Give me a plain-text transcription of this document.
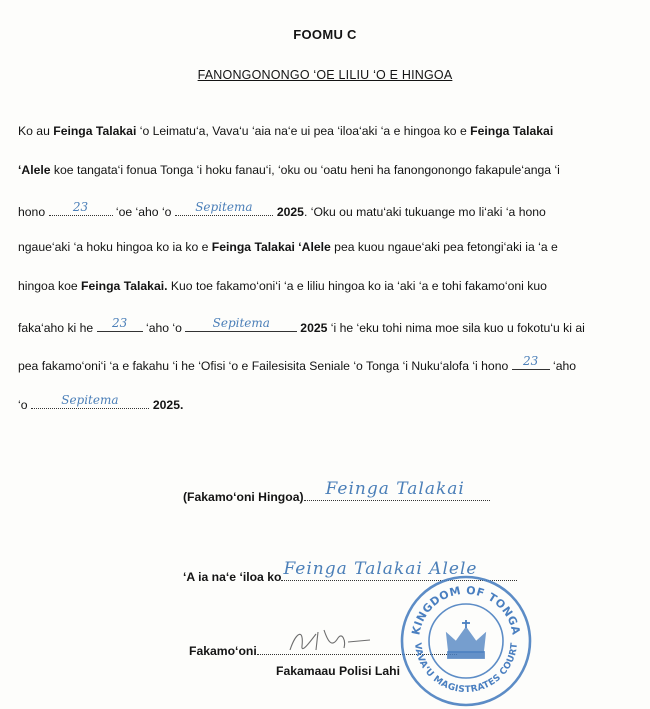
FOOMU C
FANONGONONGO ‘OE LILIU ‘O E HINGOA
Ko au Feinga Talakai ‘o Leimatu‘a, Vava‘u ‘aia na‘e ui pea ‘iloa‘aki ‘a e hingoa ko e Feinga Talakai
‘Alele koe tangata‘i fonua Tonga ‘i hoku fanau‘i, ‘oku ou ‘oatu heni ha fanongonongo fakapule‘anga ‘i
hono	23	‘oe ‘aho ‘o	Sepitema	2025. ‘Oku ou matu‘aki tukuange mo li‘aki ‘a hono
ngaue‘aki ‘a hoku hingoa ko ia ko e Feinga Talakai ‘Alele pea kuou ngaue‘aki pea fetongi‘aki ia ‘a e
hingoa koe Feinga Talakai. Kuo toe fakamo‘oni‘i ‘a e liliu hingoa ko ia ‘aki ‘a e tohi fakamo‘oni kuo
faka‘aho ki he	23	‘aho ‘o	Sepitema	2025 ‘i he ‘eku tohi nima moe sila kuo u fokotu‘u ki ai
pea fakamo‘oni‘i ‘a e fakahu ‘i he ‘Ofisi ‘o e Failesisita Seniale ‘o Tonga ‘i Nuku‘alofa ‘i hono 23 ‘aho
‘o	Sepitema	2025.
(Fakamo‘oni Hingoa) Feinga Talakai
‘A ia na‘e ‘iloa ko Feinga Talakai Alele
Fakamo‘oni
Fakamaau Polisi Lahi
KINGDOM OF TONGA
VAVA‘U MAGISTRATES COURT
